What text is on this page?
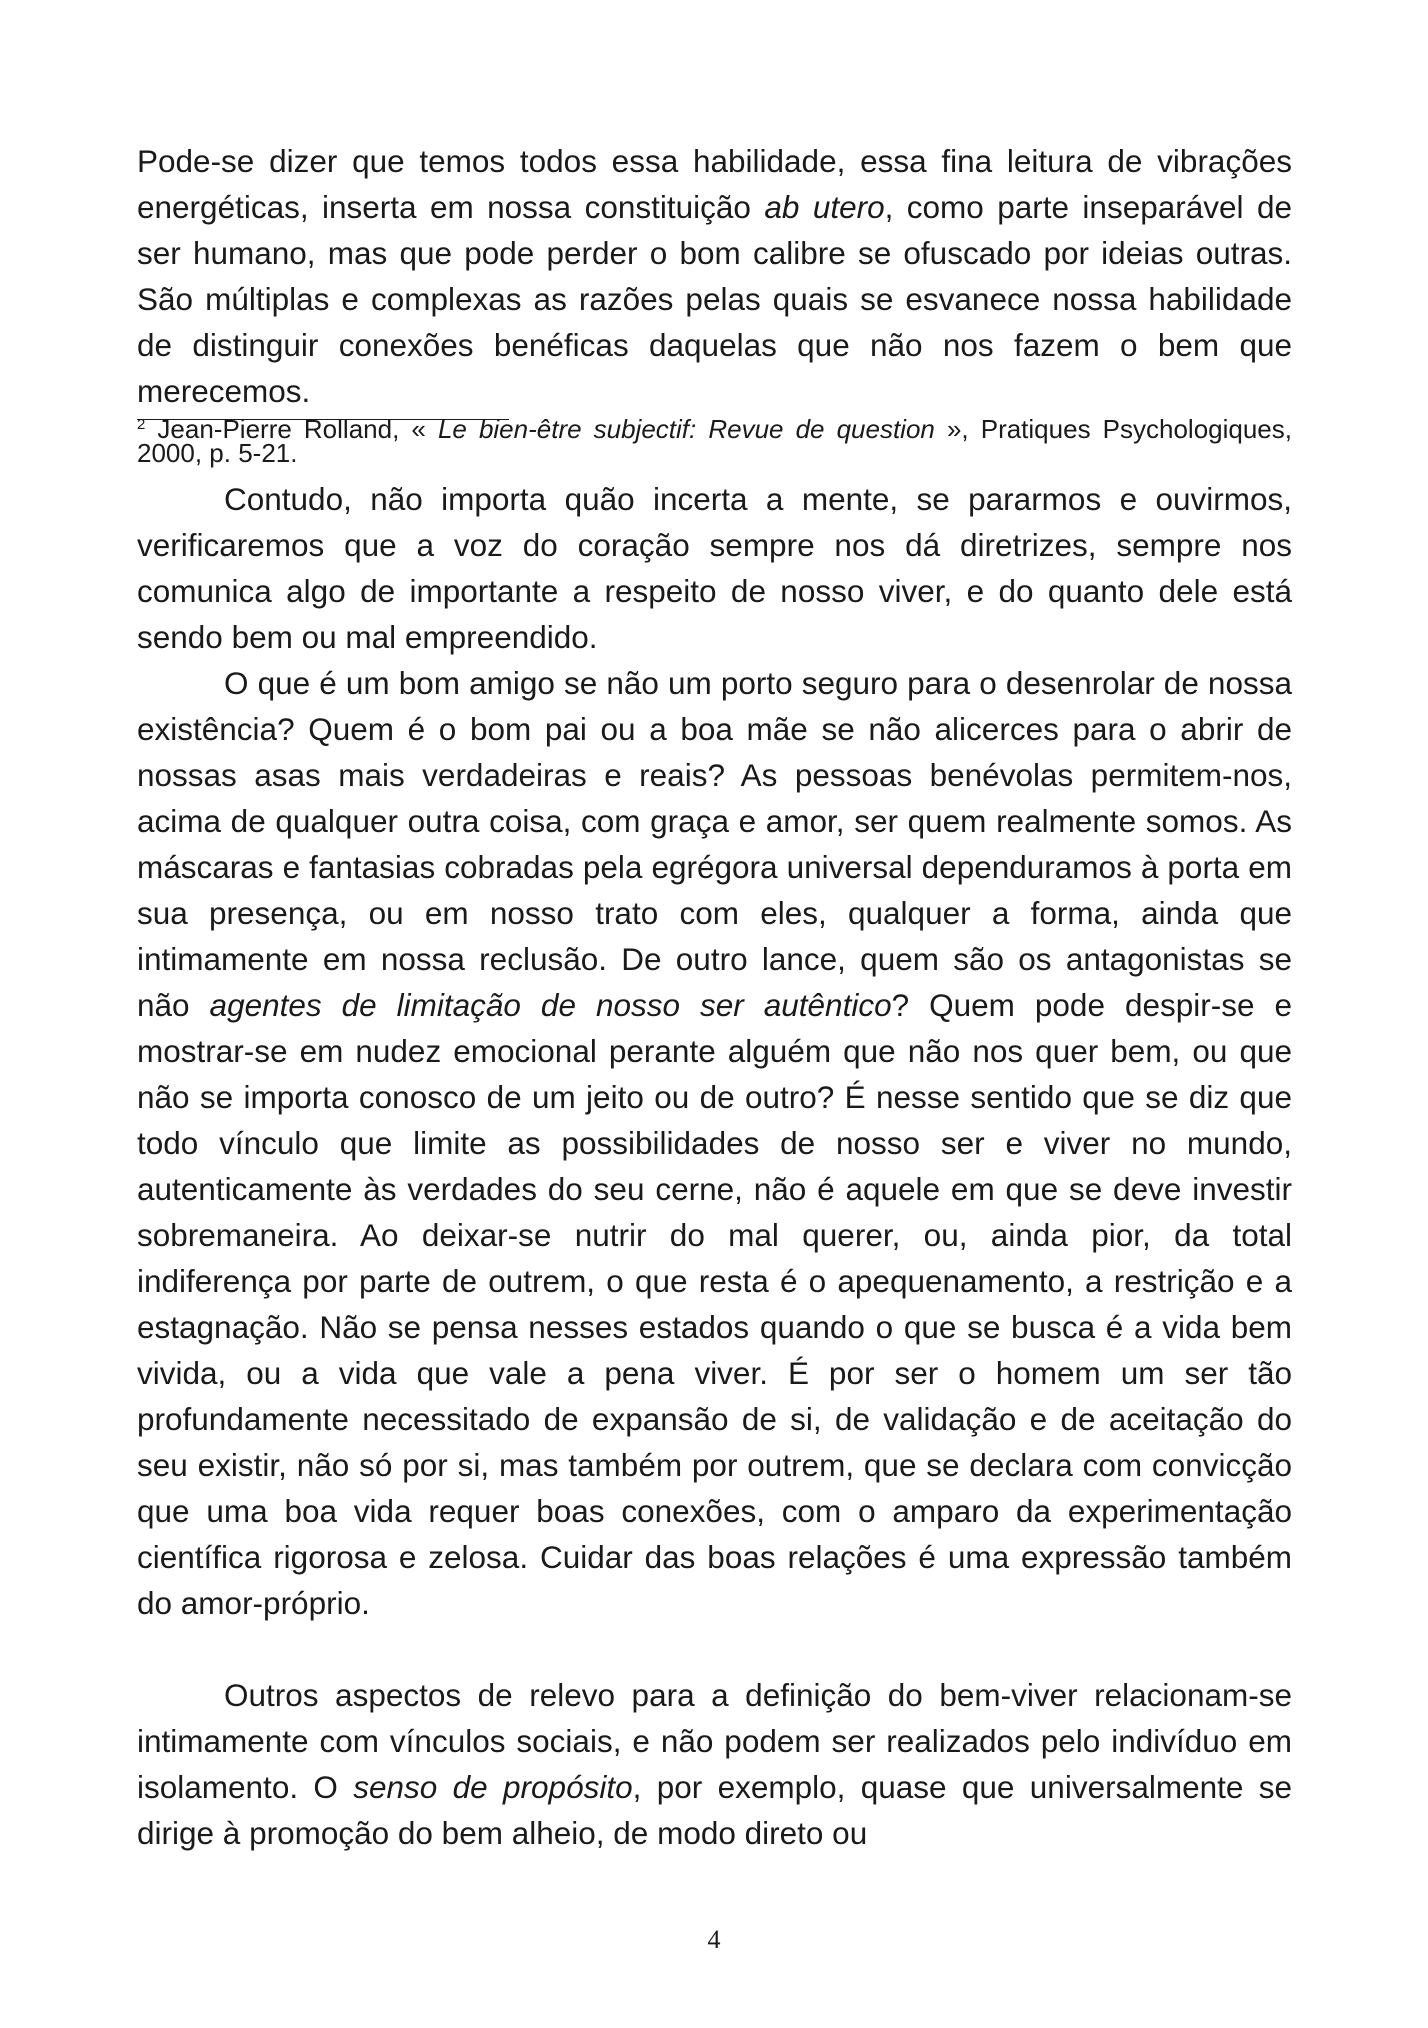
Pode-se dizer que temos todos essa habilidade, essa fina leitura de vibrações energéticas, inserta em nossa constituição ab utero, como parte inseparável de ser humano, mas que pode perder o bom calibre se ofuscado por ideias outras. São múltiplas e complexas as razões pelas quais se esvanece nossa habilidade de distinguir conexões benéficas daquelas que não nos fazem o bem que merecemos.

$^2$ Jean-Pierre Rolland, « Le bien-être subjectif: Revue de question », Pratiques Psychologiques, 2000, p. 5-21.

Contudo, não importa quão incerta a mente, se pararmos e ouvirmos, verificaremos que a voz do coração sempre nos dá diretrizes, sempre nos comunica algo de importante a respeito de nosso viver, e do quanto dele está sendo bem ou mal empreendido.

O que é um bom amigo se não um porto seguro para o desenrolar de nossa existência? Quem é o bom pai ou a boa mãe se não alicerces para o abrir de nossas asas mais verdadeiras e reais? As pessoas benévolas permitem-nos, acima de qualquer outra coisa, com graça e amor, ser quem realmente somos. As máscaras e fantasias cobradas pela egrégora universal dependuramos à porta em sua presença, ou em nosso trato com eles, qualquer a forma, ainda que intimamente em nossa reclusão. De outro lance, quem são os antagonistas se não agentes de limitação de nosso ser autêntico? Quem pode despir-se e mostrar-se em nudez emocional perante alguém que não nos quer bem, ou que não se importa conosco de um jeito ou de outro? É nesse sentido que se diz que todo vínculo que limite as possibilidades de nosso ser e viver no mundo, autenticamente às verdades do seu cerne, não é aquele em que se deve investir sobremaneira. Ao deixar-se nutrir do mal querer, ou, ainda pior, da total indiferença por parte de outrem, o que resta é o apequenamento, a restrição e a estagnação. Não se pensa nesses estados quando o que se busca é a vida bem vivida, ou a vida que vale a pena viver. É por ser o homem um ser tão profundamente necessitado de expansão de si, de validação e de aceitação do seu existir, não só por si, mas também por outrem, que se declara com convicção que uma boa vida requer boas conexões, com o amparo da experimentação científica rigorosa e zelosa. Cuidar das boas relações é uma expressão também do amor-próprio.

Outros aspectos de relevo para a definição do bem-viver relacionam-se intimamente com vínculos sociais, e não podem ser realizados pelo indivíduo em isolamento. O senso de propósito, por exemplo, quase que universalmente se dirige à promoção do bem alheio, de modo direto ou

4
